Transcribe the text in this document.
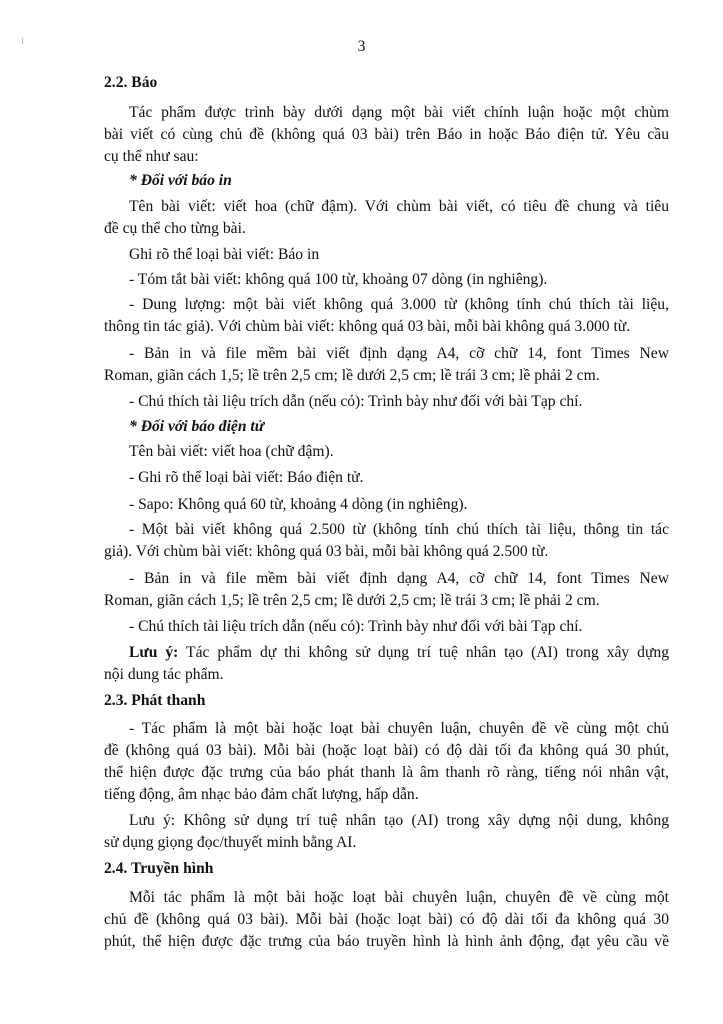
3

2.2. Báo

Tác phẩm được trình bày dưới dạng một bài viết chính luận hoặc một chùm

bài viết có cùng chủ đề (không quá 03 bài) trên Báo in hoặc Báo điện tử. Yêu cầu

cụ thể như sau:

* Đối với báo in

Tên bài viết: viết hoa (chữ đậm). Với chùm bài viết, có tiêu đề chung và tiêu

đề cụ thể cho từng bài.

Ghi rõ thể loại bài viết: Báo in

- Tóm tắt bài viết: không quá 100 từ, khoảng 07 dòng (in nghiêng).

- Dung lượng: một bài viết không quá 3.000 từ (không tính chú thích tài liệu,

thông tin tác giả). Với chùm bài viết: không quá 03 bài, mỗi bài không quá 3.000 từ.

- Bản in và file mềm bài viết định dạng A4, cỡ chữ 14, font Times New

Roman, giãn cách 1,5; lề trên 2,5 cm; lề dưới 2,5 cm; lề trái 3 cm; lề phải 2 cm.

- Chú thích tài liệu trích dẫn (nếu có): Trình bày như đối với bài Tạp chí.

* Đối với báo điện tử

Tên bài viết: viết hoa (chữ đậm).

- Ghi rõ thể loại bài viết: Báo điện tử.

- Sapo: Không quá 60 từ, khoảng 4 dòng (in nghiêng).

- Một bài viết không quá 2.500 từ (không tính chú thích tài liệu, thông tin tác

giả). Với chùm bài viết: không quá 03 bài, mỗi bài không quá 2.500 từ.

- Bản in và file mềm bài viết định dạng A4, cỡ chữ 14, font Times New

Roman, giãn cách 1,5; lề trên 2,5 cm; lề dưới 2,5 cm; lề trái 3 cm; lề phải 2 cm.

- Chú thích tài liệu trích dẫn (nếu có): Trình bày như đối với bài Tạp chí.

Lưu ý: Tác phẩm dự thi không sử dụng trí tuệ nhân tạo (AI) trong xây dựng

nội dung tác phẩm.

2.3. Phát thanh

- Tác phẩm là một bài hoặc loạt bài chuyên luận, chuyên đề về cùng một chủ

đề (không quá 03 bài). Mỗi bài (hoặc loạt bài) có độ dài tối đa không quá 30 phút,

thể hiện được đặc trưng của báo phát thanh là âm thanh rõ ràng, tiếng nói nhân vật,

tiếng động, âm nhạc bảo đảm chất lượng, hấp dẫn.

Lưu ý: Không sử dụng trí tuệ nhân tạo (AI) trong xây dựng nội dung, không

sử dụng giọng đọc/thuyết minh bằng AI.

2.4. Truyền hình

Mỗi tác phẩm là một bài hoặc loạt bài chuyên luận, chuyên đề về cùng một

chủ đề (không quá 03 bài). Mỗi bài (hoặc loạt bài) có độ dài tối đa không quá 30

phút, thể hiện được đặc trưng của báo truyền hình là hình ảnh động, đạt yêu cầu về
